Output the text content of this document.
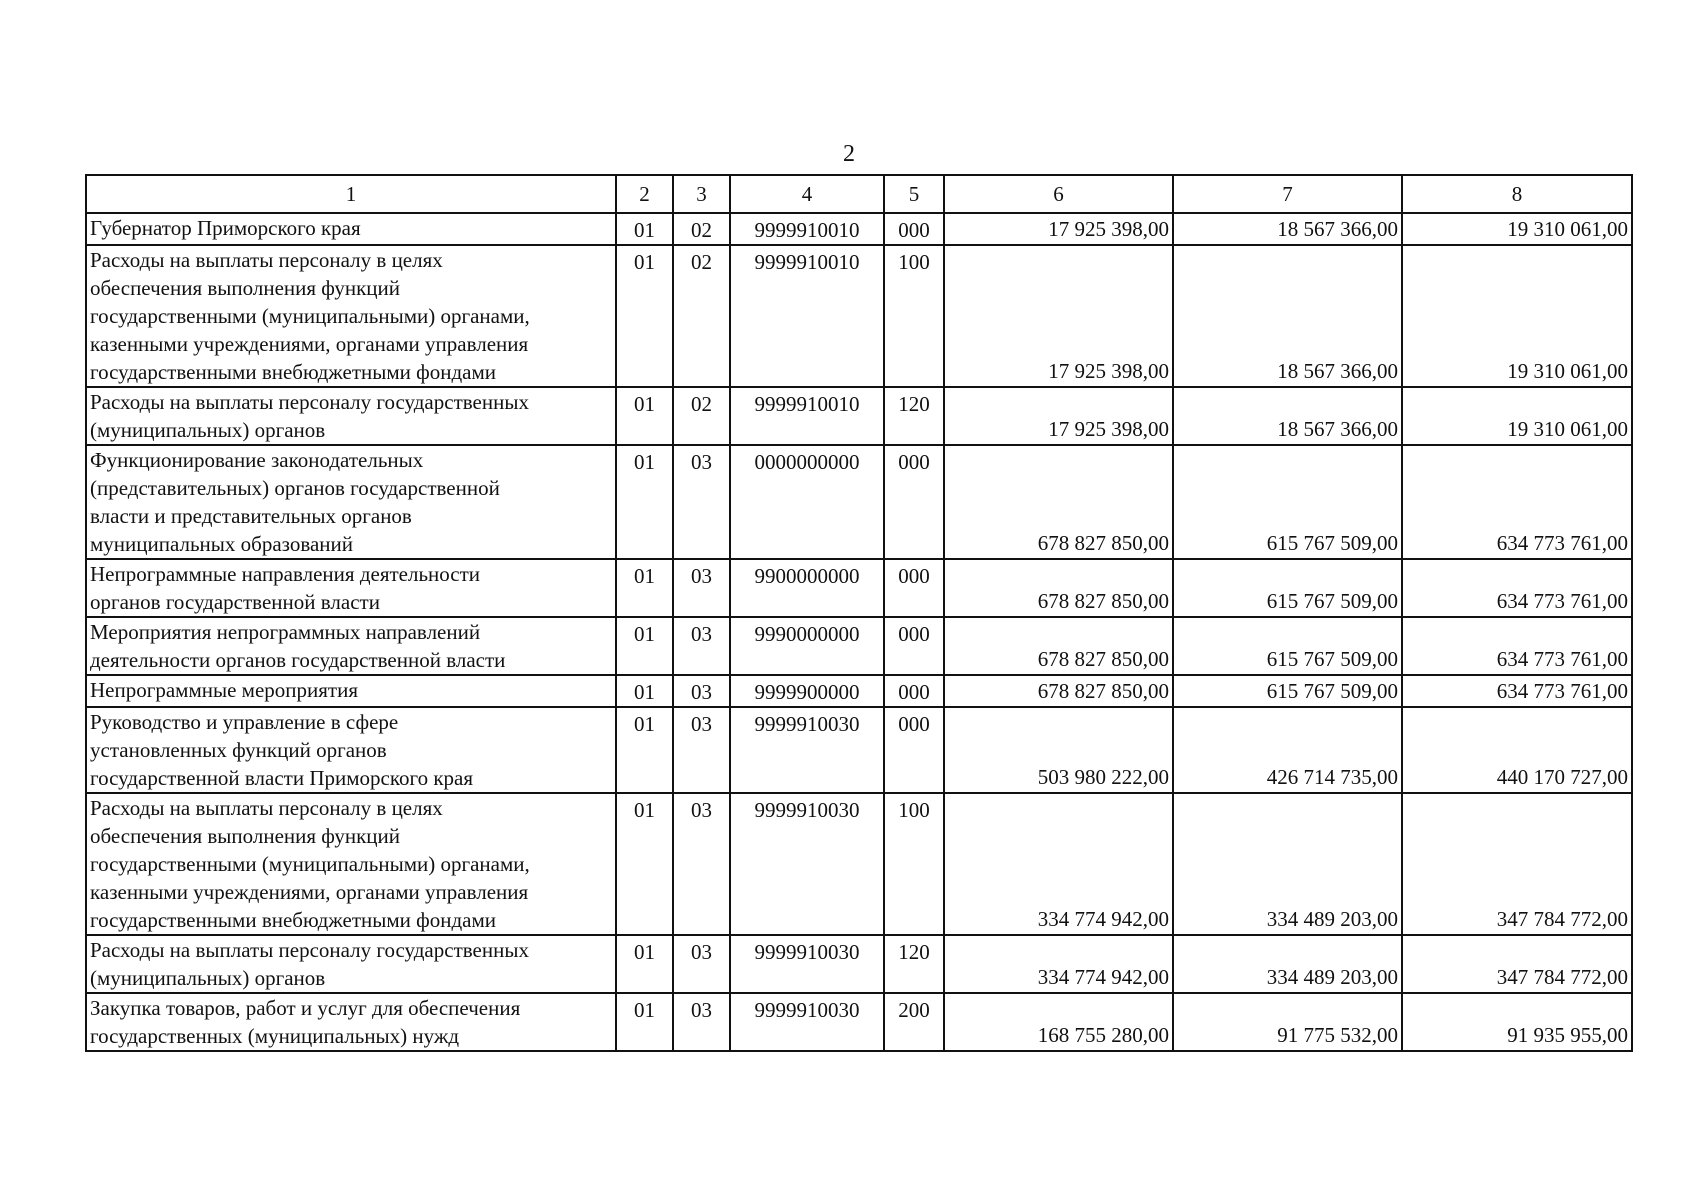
2
1	2	3	4	5	6	7	8

Губернатор Приморского края	01	02	9999910010	000	17 925 398,00	18 567 366,00	19 310 061,00

Расходы на выплаты персоналу в целях
обеспечения выполнения функций
государственными (муниципальными) органами,
казенными учреждениями, органами управления
государственными внебюджетными фондами	01	02	9999910010	100	17 925 398,00	18 567 366,00	19 310 061,00

Расходы на выплаты персоналу государственных
(муниципальных) органов	01	02	9999910010	120	17 925 398,00	18 567 366,00	19 310 061,00

Функционирование законодательных
(представительных) органов государственной
власти и представительных органов
муниципальных образований	01	03	0000000000	000	678 827 850,00	615 767 509,00	634 773 761,00

Непрограммные направления деятельности
органов государственной власти	01	03	9900000000	000	678 827 850,00	615 767 509,00	634 773 761,00

Мероприятия непрограммных направлений
деятельности органов государственной власти	01	03	9990000000	000	678 827 850,00	615 767 509,00	634 773 761,00

Непрограммные мероприятия	01	03	9999900000	000	678 827 850,00	615 767 509,00	634 773 761,00

Руководство и управление в сфере
установленных функций органов
государственной власти Приморского края	01	03	9999910030	000	503 980 222,00	426 714 735,00	440 170 727,00

Расходы на выплаты персоналу в целях
обеспечения выполнения функций
государственными (муниципальными) органами,
казенными учреждениями, органами управления
государственными внебюджетными фондами	01	03	9999910030	100	334 774 942,00	334 489 203,00	347 784 772,00

Расходы на выплаты персоналу государственных
(муниципальных) органов	01	03	9999910030	120	334 774 942,00	334 489 203,00	347 784 772,00

Закупка товаров, работ и услуг для обеспечения
государственных (муниципальных) нужд	01	03	9999910030	200	168 755 280,00	91 775 532,00	91 935 955,00
